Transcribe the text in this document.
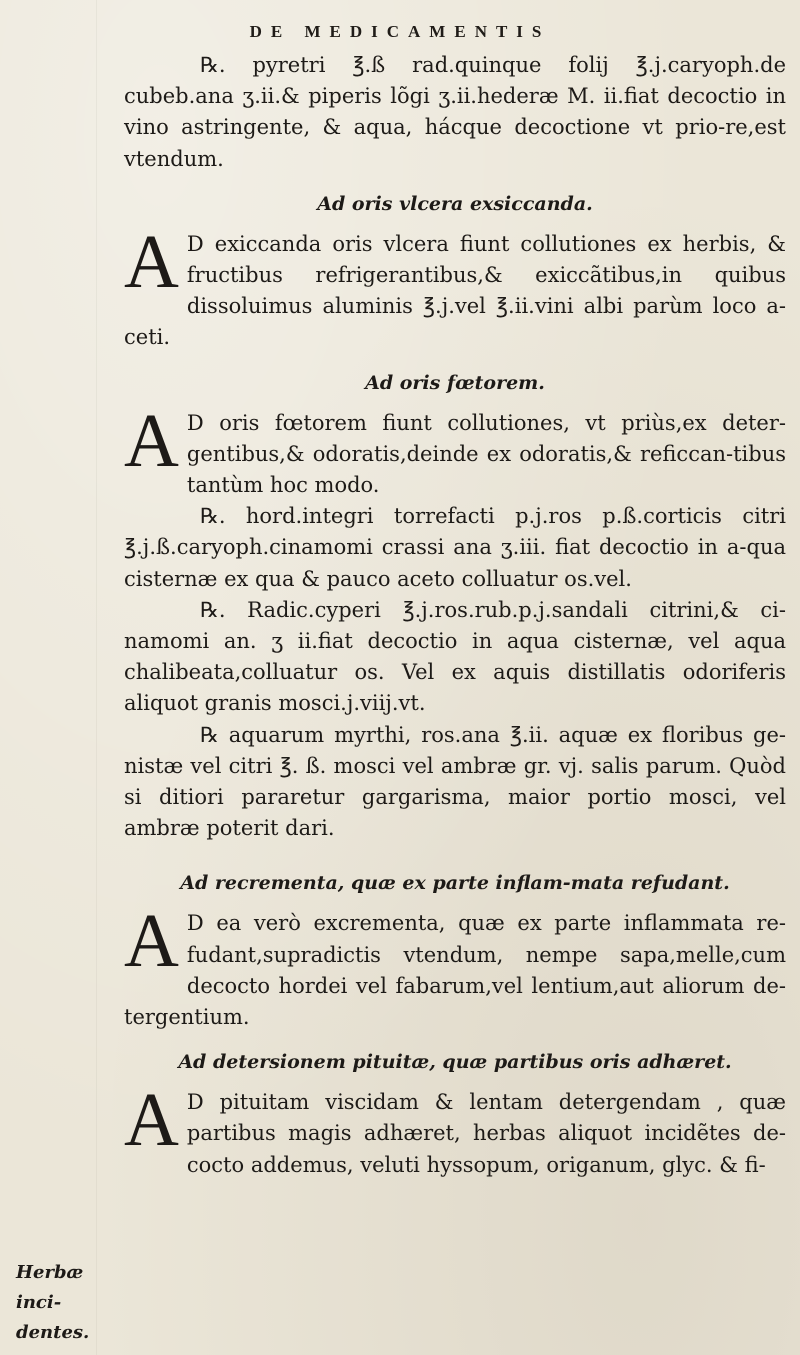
DE MEDICAMENTIS

℞. pyretri ℥.ß rad.quinque folij ℥.j.caryoph.de cubeb.ana ʒ.ii.& piperis lõgi ʒ.ii.hederæ M. ii.fiat decoctio in vino astringente, & aqua, hácque decoctione vt prio-re,est vtendum.

Ad oris vlcera exsiccanda.

A D exiccanda oris vlcera fiunt collutiones ex herbis, & fructibus refrigerantibus,& exiccãtibus,in quibus dissoluimus aluminis ℥.j.vel ℥.ii.vini albi parùm loco a-ceti.

Ad oris fœtorem.

A D oris fœtorem fiunt collutiones, vt priùs,ex deter-gentibus,& odoratis,deinde ex odoratis,& reficcan-tibus tantùm hoc modo.

℞. hord.integri torrefacti p.j.ros p.ß.corticis citri ℥.j.ß.caryoph.cinamomi crassi ana ʒ.iii. fiat decoctio in a-qua cisternæ ex qua & pauco aceto colluatur os.vel.

℞. Radic.cyperi ℥.j.ros.rub.p.j.sandali citrini,& ci-namomi an. ʒ ii.fiat decoctio in aqua cisternæ, vel aqua chalibeata,colluatur os. Vel ex aquis distillatis odoriferis aliquot granis mosci.j.viij.vt.

℞ aquarum myrthi, ros.ana ℥.ii. aquæ ex floribus ge-nistæ vel citri ℥. ß. mosci vel ambræ gr. vj. salis parum. Quòd si ditiori pararetur gargarisma, maior portio mosci, vel ambræ poterit dari.

Ad recrementa, quæ ex parte inflam-mata refudant.

A D ea verò excrementa, quæ ex parte inflammata re-fudant,supradictis vtendum, nempe sapa,melle,cum decocto hordei vel fabarum,vel lentium,aut aliorum de-tergentium.

Ad detersionem pituitæ, quæ partibus oris adhæret.

A D pituitam viscidam & lentam detergendam , quæ partibus magis adhæret, herbas aliquot incidẽtes de-cocto addemus, veluti hyssopum, origanum, glyc. & fi-

Herbæ inci- dentes.
